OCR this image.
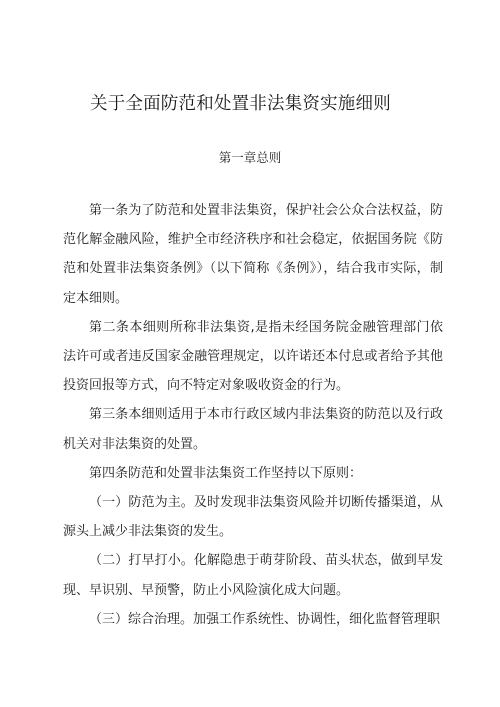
关于全面防范和处置非法集资实施细则
第一章总则

第一条为了防范和处置非法集资，保护社会公众合法权益，防范化解金融风险，维护全市经济秩序和社会稳定，依据国务院《防范和处置非法集资条例》（以下简称《条例》），结合我市实际，制定本细则。

第二条本细则所称非法集资,是指未经国务院金融管理部门依法许可或者违反国家金融管理规定，以许诺还本付息或者给予其他投资回报等方式，向不特定对象吸收资金的行为。

第三条本细则适用于本市行政区域内非法集资的防范以及行政机关对非法集资的处置。

第四条防范和处置非法集资工作坚持以下原则：

（一）防范为主。及时发现非法集资风险并切断传播渠道，从源头上减少非法集资的发生。

（二）打早打小。化解隐患于萌芽阶段、苗头状态，做到早发现、早识别、早预警，防止小风险演化成大问题。

（三）综合治理。加强工作系统性、协调性，细化监督管理职
